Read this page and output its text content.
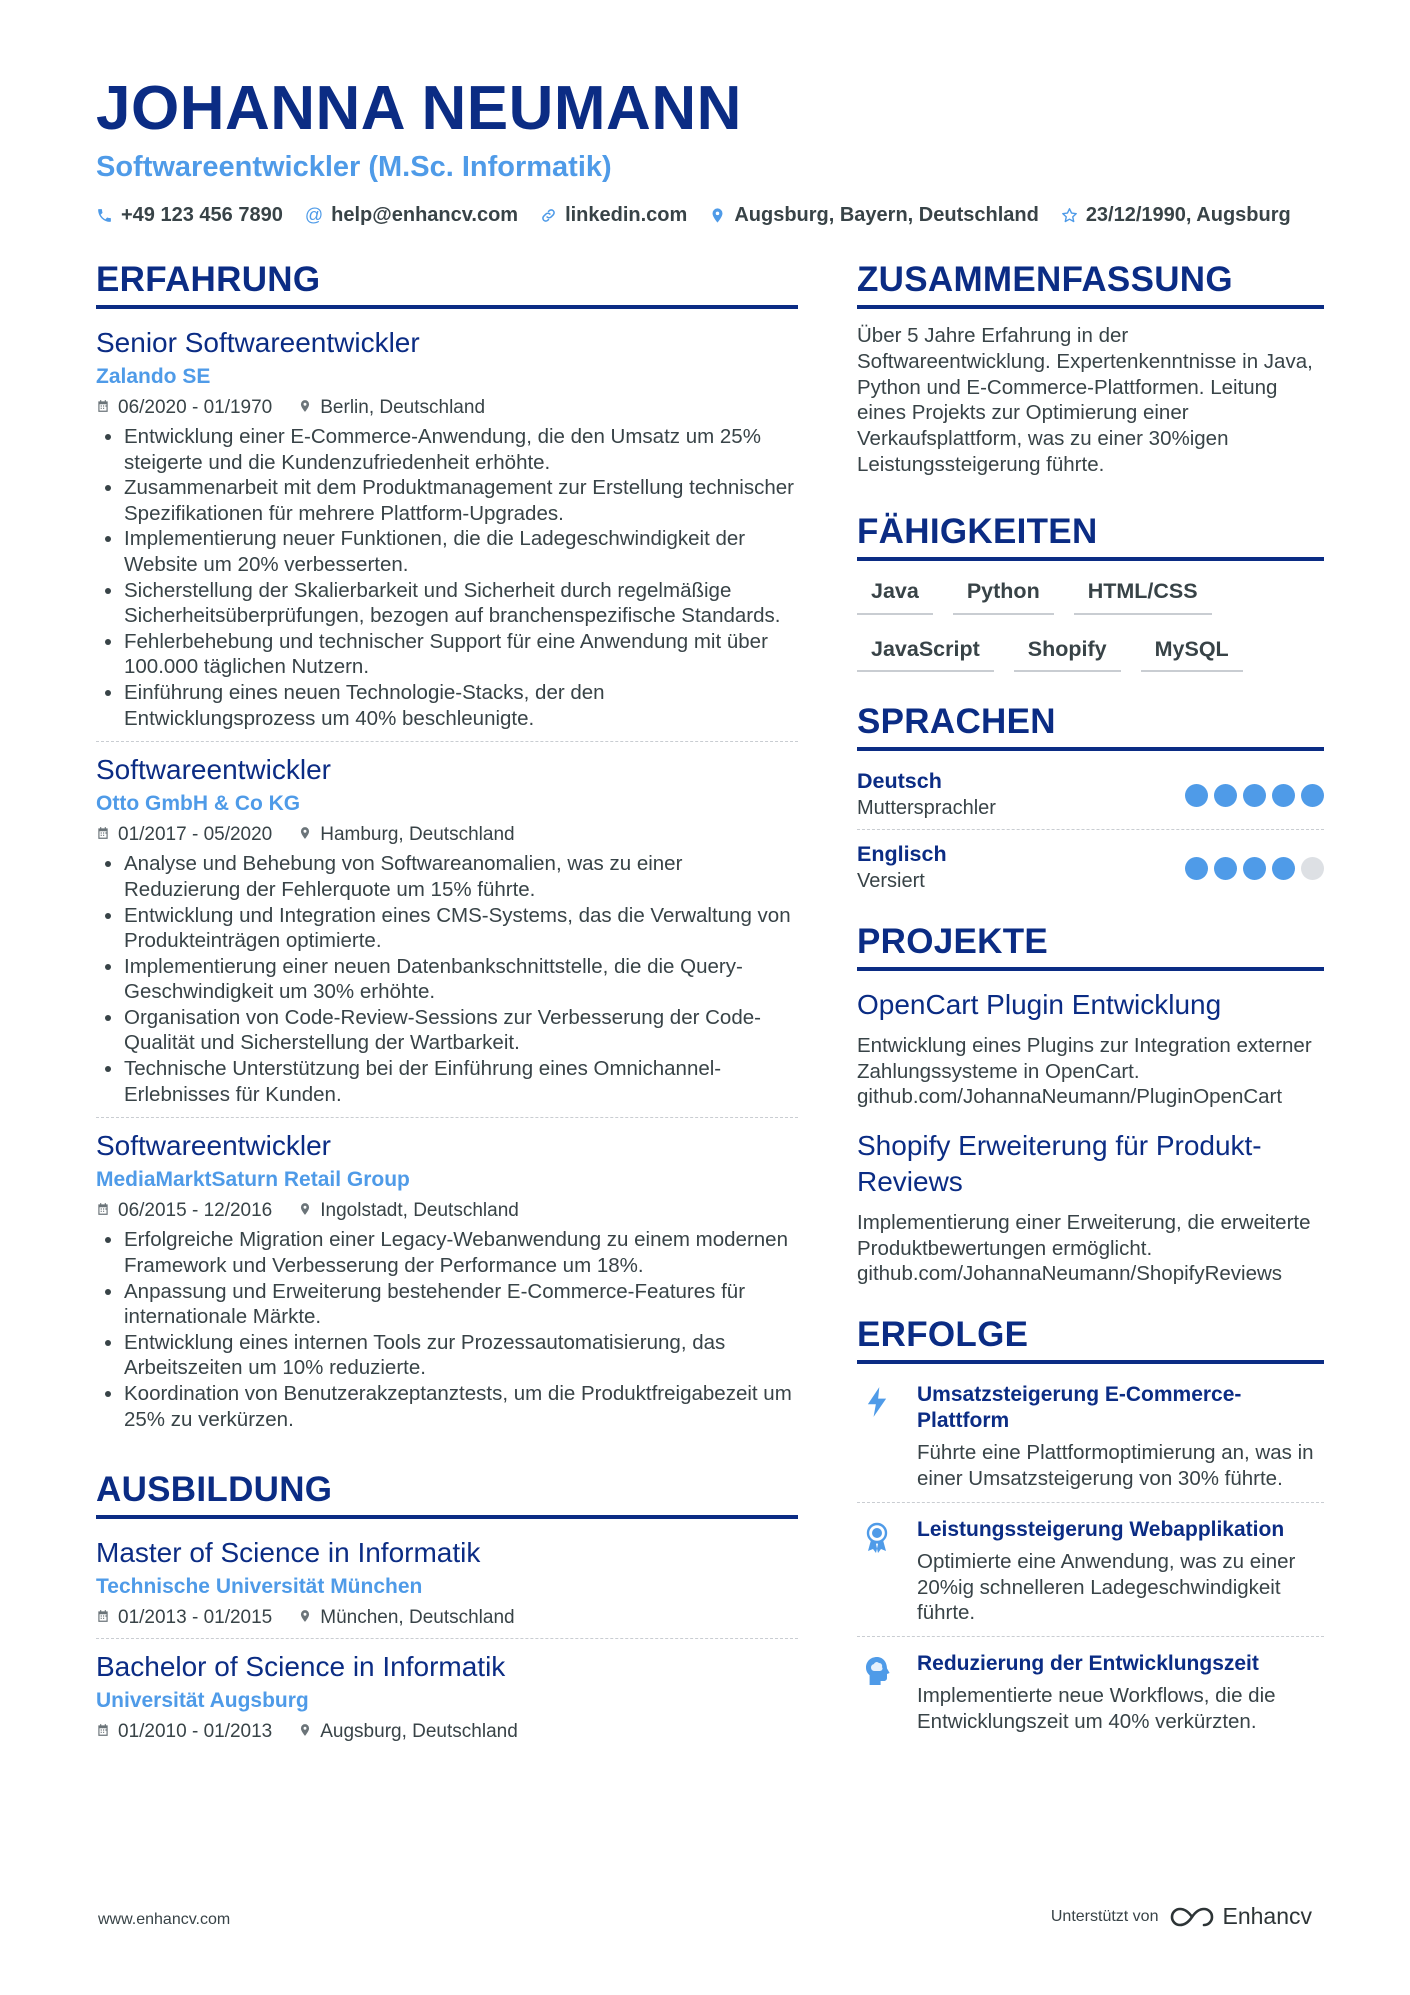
JOHANNA NEUMANN
Softwareentwickler (M.Sc. Informatik)
+49 123 456 7890 @ help@enhancv.com linkedin.com Augsburg, Bayern, Deutschland 23/12/1990, Augsburg
ERFAHRUNG
Senior Softwareentwickler
Zalando SE
06/2020 - 01/1970	Berlin, Deutschland
• Entwicklung einer E-Commerce-Anwendung, die den Umsatz um 25% steigerte und die Kundenzufriedenheit erhöhte.
• Zusammenarbeit mit dem Produktmanagement zur Erstellung technischer Spezifikationen für mehrere Plattform-Upgrades.
• Implementierung neuer Funktionen, die die Ladegeschwindigkeit der Website um 20% verbesserten.
• Sicherstellung der Skalierbarkeit und Sicherheit durch regelmäßige Sicherheitsüberprüfungen, bezogen auf branchenspezifische Standards.
• Fehlerbehebung und technischer Support für eine Anwendung mit über 100.000 täglichen Nutzern.
• Einführung eines neuen Technologie-Stacks, der den Entwicklungsprozess um 40% beschleunigte.
Softwareentwickler
Otto GmbH & Co KG
01/2017 - 05/2020	Hamburg, Deutschland
• Analyse und Behebung von Softwareanomalien, was zu einer Reduzierung der Fehlerquote um 15% führte.
• Entwicklung und Integration eines CMS-Systems, das die Verwaltung von Produkteinträgen optimierte.
• Implementierung einer neuen Datenbankschnittstelle, die die Query-Geschwindigkeit um 30% erhöhte.
• Organisation von Code-Review-Sessions zur Verbesserung der Code-Qualität und Sicherstellung der Wartbarkeit.
• Technische Unterstützung bei der Einführung eines Omnichannel-Erlebnisses für Kunden.
Softwareentwickler
MediaMarktSaturn Retail Group
06/2015 - 12/2016	Ingolstadt, Deutschland
• Erfolgreiche Migration einer Legacy-Webanwendung zu einem modernen Framework und Verbesserung der Performance um 18%.
• Anpassung und Erweiterung bestehender E-Commerce-Features für internationale Märkte.
• Entwicklung eines internen Tools zur Prozessautomatisierung, das Arbeitszeiten um 10% reduzierte.
• Koordination von Benutzerakzeptanztests, um die Produktfreigabezeit um 25% zu verkürzen.
AUSBILDUNG
Master of Science in Informatik
Technische Universität München
01/2013 - 01/2015	München, Deutschland
Bachelor of Science in Informatik
Universität Augsburg
01/2010 - 01/2013	Augsburg, Deutschland
ZUSAMMENFASSUNG
Über 5 Jahre Erfahrung in der Softwareentwicklung. Expertenkenntnisse in Java, Python und E-Commerce-Plattformen. Leitung eines Projekts zur Optimierung einer Verkaufsplattform, was zu einer 30%igen Leistungssteigerung führte.
FÄHIGKEITEN
Java	Python	HTML/CSS
JavaScript	Shopify	MySQL
SPRACHEN
Deutsch
Muttersprachler
Englisch
Versiert
PROJEKTE
OpenCart Plugin Entwicklung
Entwicklung eines Plugins zur Integration externer Zahlungssysteme in OpenCart.
github.com/JohannaNeumann/PluginOpenCart
Shopify Erweiterung für Produkt-Reviews
Implementierung einer Erweiterung, die erweiterte Produktbewertungen ermöglicht.
github.com/JohannaNeumann/ShopifyReviews
ERFOLGE
Umsatzsteigerung E-Commerce-Plattform
Führte eine Plattformoptimierung an, was in einer Umsatzsteigerung von 30% führte.
Leistungssteigerung Webapplikation
Optimierte eine Anwendung, was zu einer 20%ig schnelleren Ladegeschwindigkeit führte.
Reduzierung der Entwicklungszeit
Implementierte neue Workflows, die die Entwicklungszeit um 40% verkürzten.
www.enhancv.com	Unterstützt von	Enhancv
